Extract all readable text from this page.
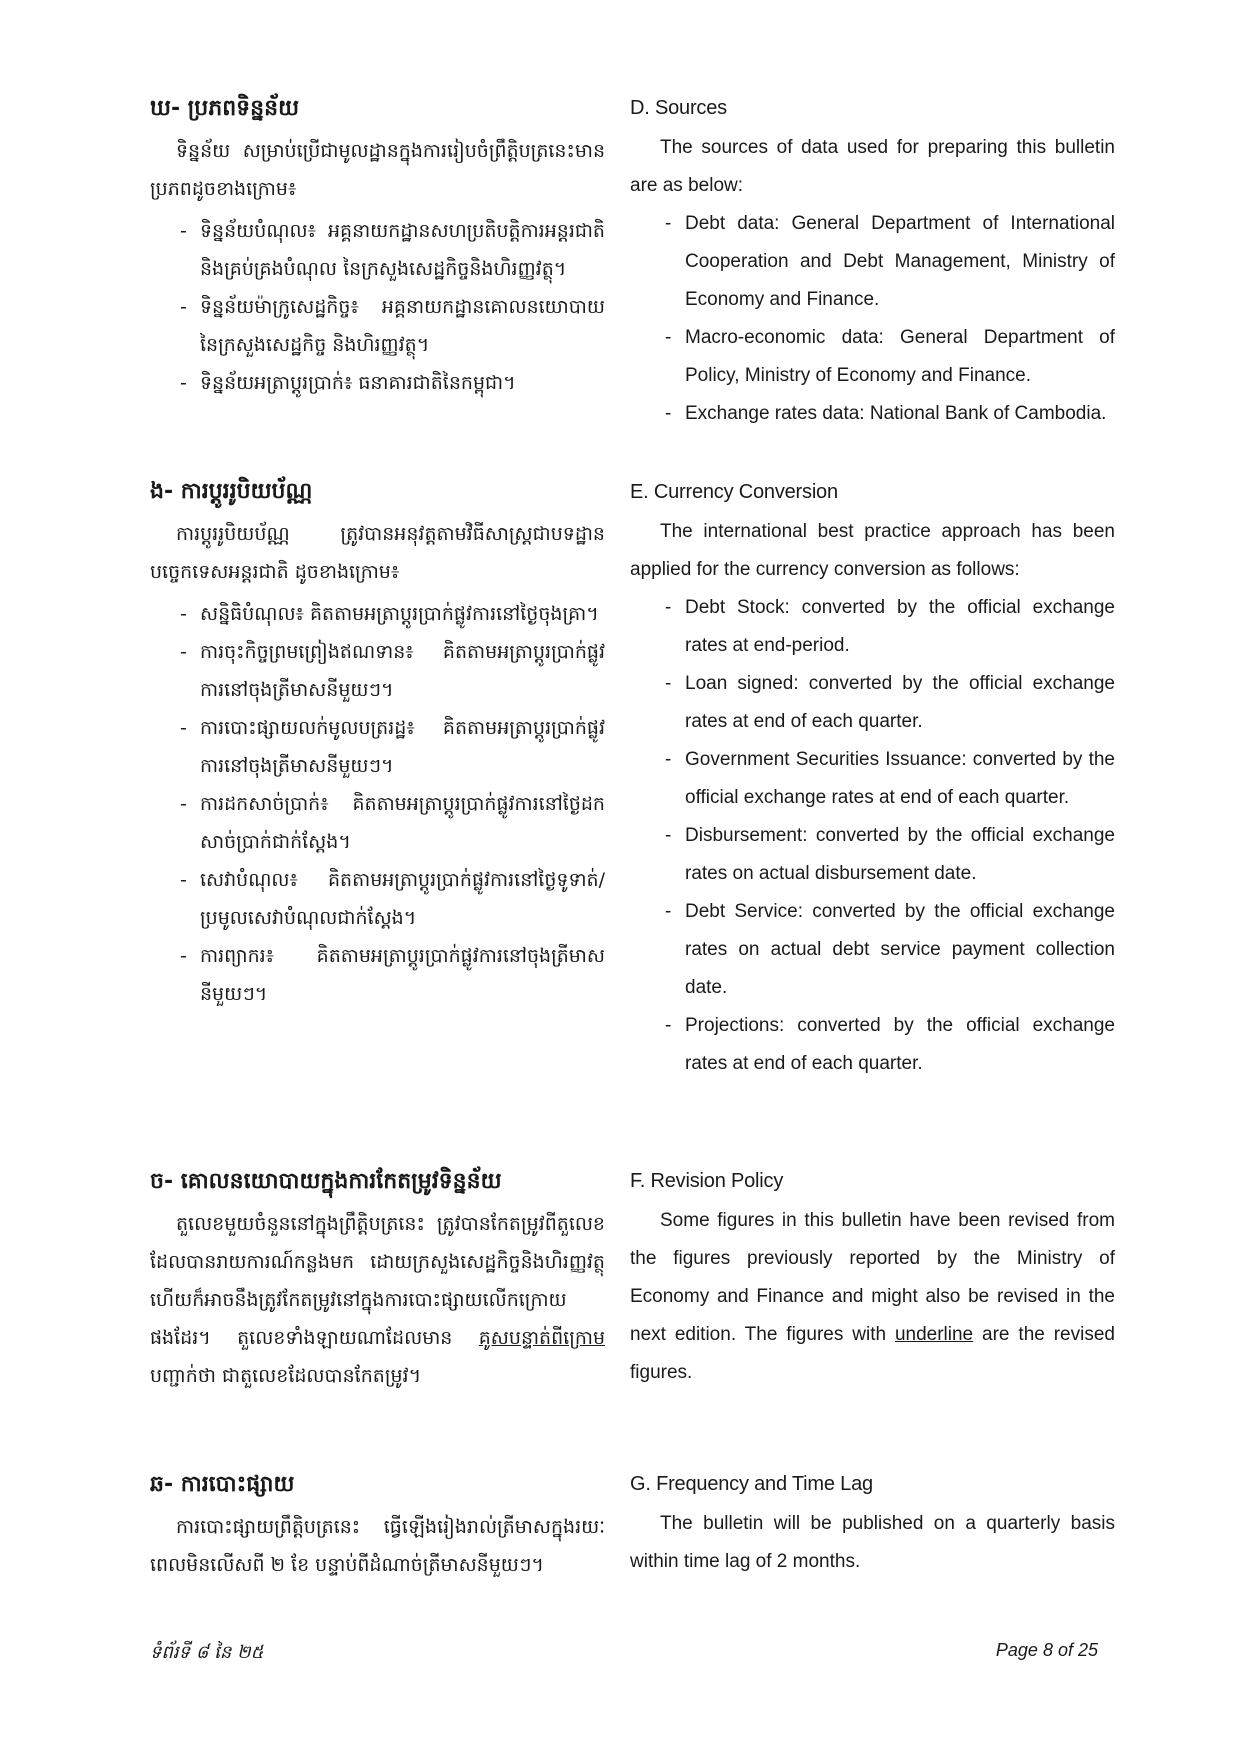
ឃ- ប្រភពទិន្នន័យ

ទិន្នន័យ សម្រាប់ប្រើជាមូលដ្ឋានក្នុងការរៀបចំព្រឹត្តិបត្រនេះមានប្រភពដូចខាងក្រោម៖

- ទិន្នន័យបំណុល៖ អគ្គនាយកដ្ឋានសហប្រតិបត្តិការអន្តរជាតិនិងគ្រប់គ្រងបំណុល នៃក្រសួងសេដ្ឋកិច្ចនិងហិរញ្ញវត្ថុ។
- ទិន្នន័យម៉ាក្រូសេដ្ឋកិច្ច៖ អគ្គនាយកដ្ឋានគោលនយោបាយ នៃក្រសួងសេដ្ឋកិច្ច និងហិរញ្ញវត្ថុ។
- ទិន្នន័យអត្រាប្តូរប្រាក់៖ ធនាគារជាតិនៃកម្ពុជា។
D. Sources

The sources of data used for preparing this bulletin are as below:

- Debt data: General Department of International Cooperation and Debt Management, Ministry of Economy and Finance.
- Macro-economic data: General Department of Policy, Ministry of Economy and Finance.
- Exchange rates data: National Bank of Cambodia.
ង- ការប្តូររូបិយប័ណ្ណ

ការប្តូររូបិយប័ណ្ណ ត្រូវបានអនុវត្តតាមវិធីសាស្ត្រជាបទដ្ឋានបច្ចេកទេសអន្តរជាតិ ដូចខាងក្រោម៖

- សន្និធិបំណុល៖ គិតតាមអត្រាប្តូរប្រាក់ផ្លូវការនៅថ្ងៃចុងគ្រា។
- ការចុះកិច្ចព្រមព្រៀងឥណទាន៖ គិតតាមអត្រាប្តូរប្រាក់ផ្លូវការនៅចុងត្រីមាសនីមួយៗ។
- ការបោះផ្សាយលក់មូលបត្ររដ្ឋ៖ គិតតាមអត្រាប្តូរប្រាក់ផ្លូវការនៅចុងត្រីមាសនីមួយៗ។
- ការដកសាច់ប្រាក់៖ គិតតាមអត្រាប្តូរប្រាក់ផ្លូវការនៅថ្ងៃដកសាច់ប្រាក់ជាក់ស្តែង។
- សេវាបំណុល៖ គិតតាមអត្រាប្តូរប្រាក់ផ្លូវការនៅថ្ងៃទូទាត់/ប្រមូលសេវាបំណុលជាក់ស្តែង។
- ការព្យាករ៖ គិតតាមអត្រាប្តូរប្រាក់ផ្លូវការនៅចុងត្រីមាសនីមួយៗ។
E. Currency Conversion

The international best practice approach has been applied for the currency conversion as follows:

- Debt Stock: converted by the official exchange rates at end-period.
- Loan signed: converted by the official exchange rates at end of each quarter.
- Government Securities Issuance: converted by the official exchange rates at end of each quarter.
- Disbursement: converted by the official exchange rates on actual disbursement date.
- Debt Service: converted by the official exchange rates on actual debt service payment collection date.
- Projections: converted by the official exchange rates at end of each quarter.
ច- គោលនយោបាយក្នុងការកែតម្រូវទិន្នន័យ

តួលេខមួយចំនួននៅក្នុងព្រឹត្តិបត្រនេះ ត្រូវបានកែតម្រូវពីតួលេខ ដែលបានរាយការណ៍កន្លងមក ដោយក្រសួងសេដ្ឋកិច្ចនិងហិរញ្ញវត្ថុ ហើយក៏អាចនឹងត្រូវកែតម្រូវនៅក្នុងការបោះផ្សាយលើកក្រោយផងដែរ។ តួលេខទាំងឡាយណាដែលមាន គូសបន្ទាត់ពីក្រោម បញ្ជាក់ថា ជាតួលេខដែលបានកែតម្រូវ។

F. Revision Policy

Some figures in this bulletin have been revised from the figures previously reported by the Ministry of Economy and Finance and might also be revised in the next edition. The figures with underline are the revised figures.

ឆ- ការបោះផ្សាយ

ការបោះផ្សាយព្រឹត្តិបត្រនេះ ធ្វើឡើងរៀងរាល់ត្រីមាសក្នុងរយៈពេលមិនលើសពី ២ ខែ បន្ទាប់ពីដំណាច់ត្រីមាសនីមួយៗ។

G. Frequency and Time Lag

The bulletin will be published on a quarterly basis within time lag of 2 months.

ទំព័រទី ៨ នៃ ២៥	Page 8 of 25
